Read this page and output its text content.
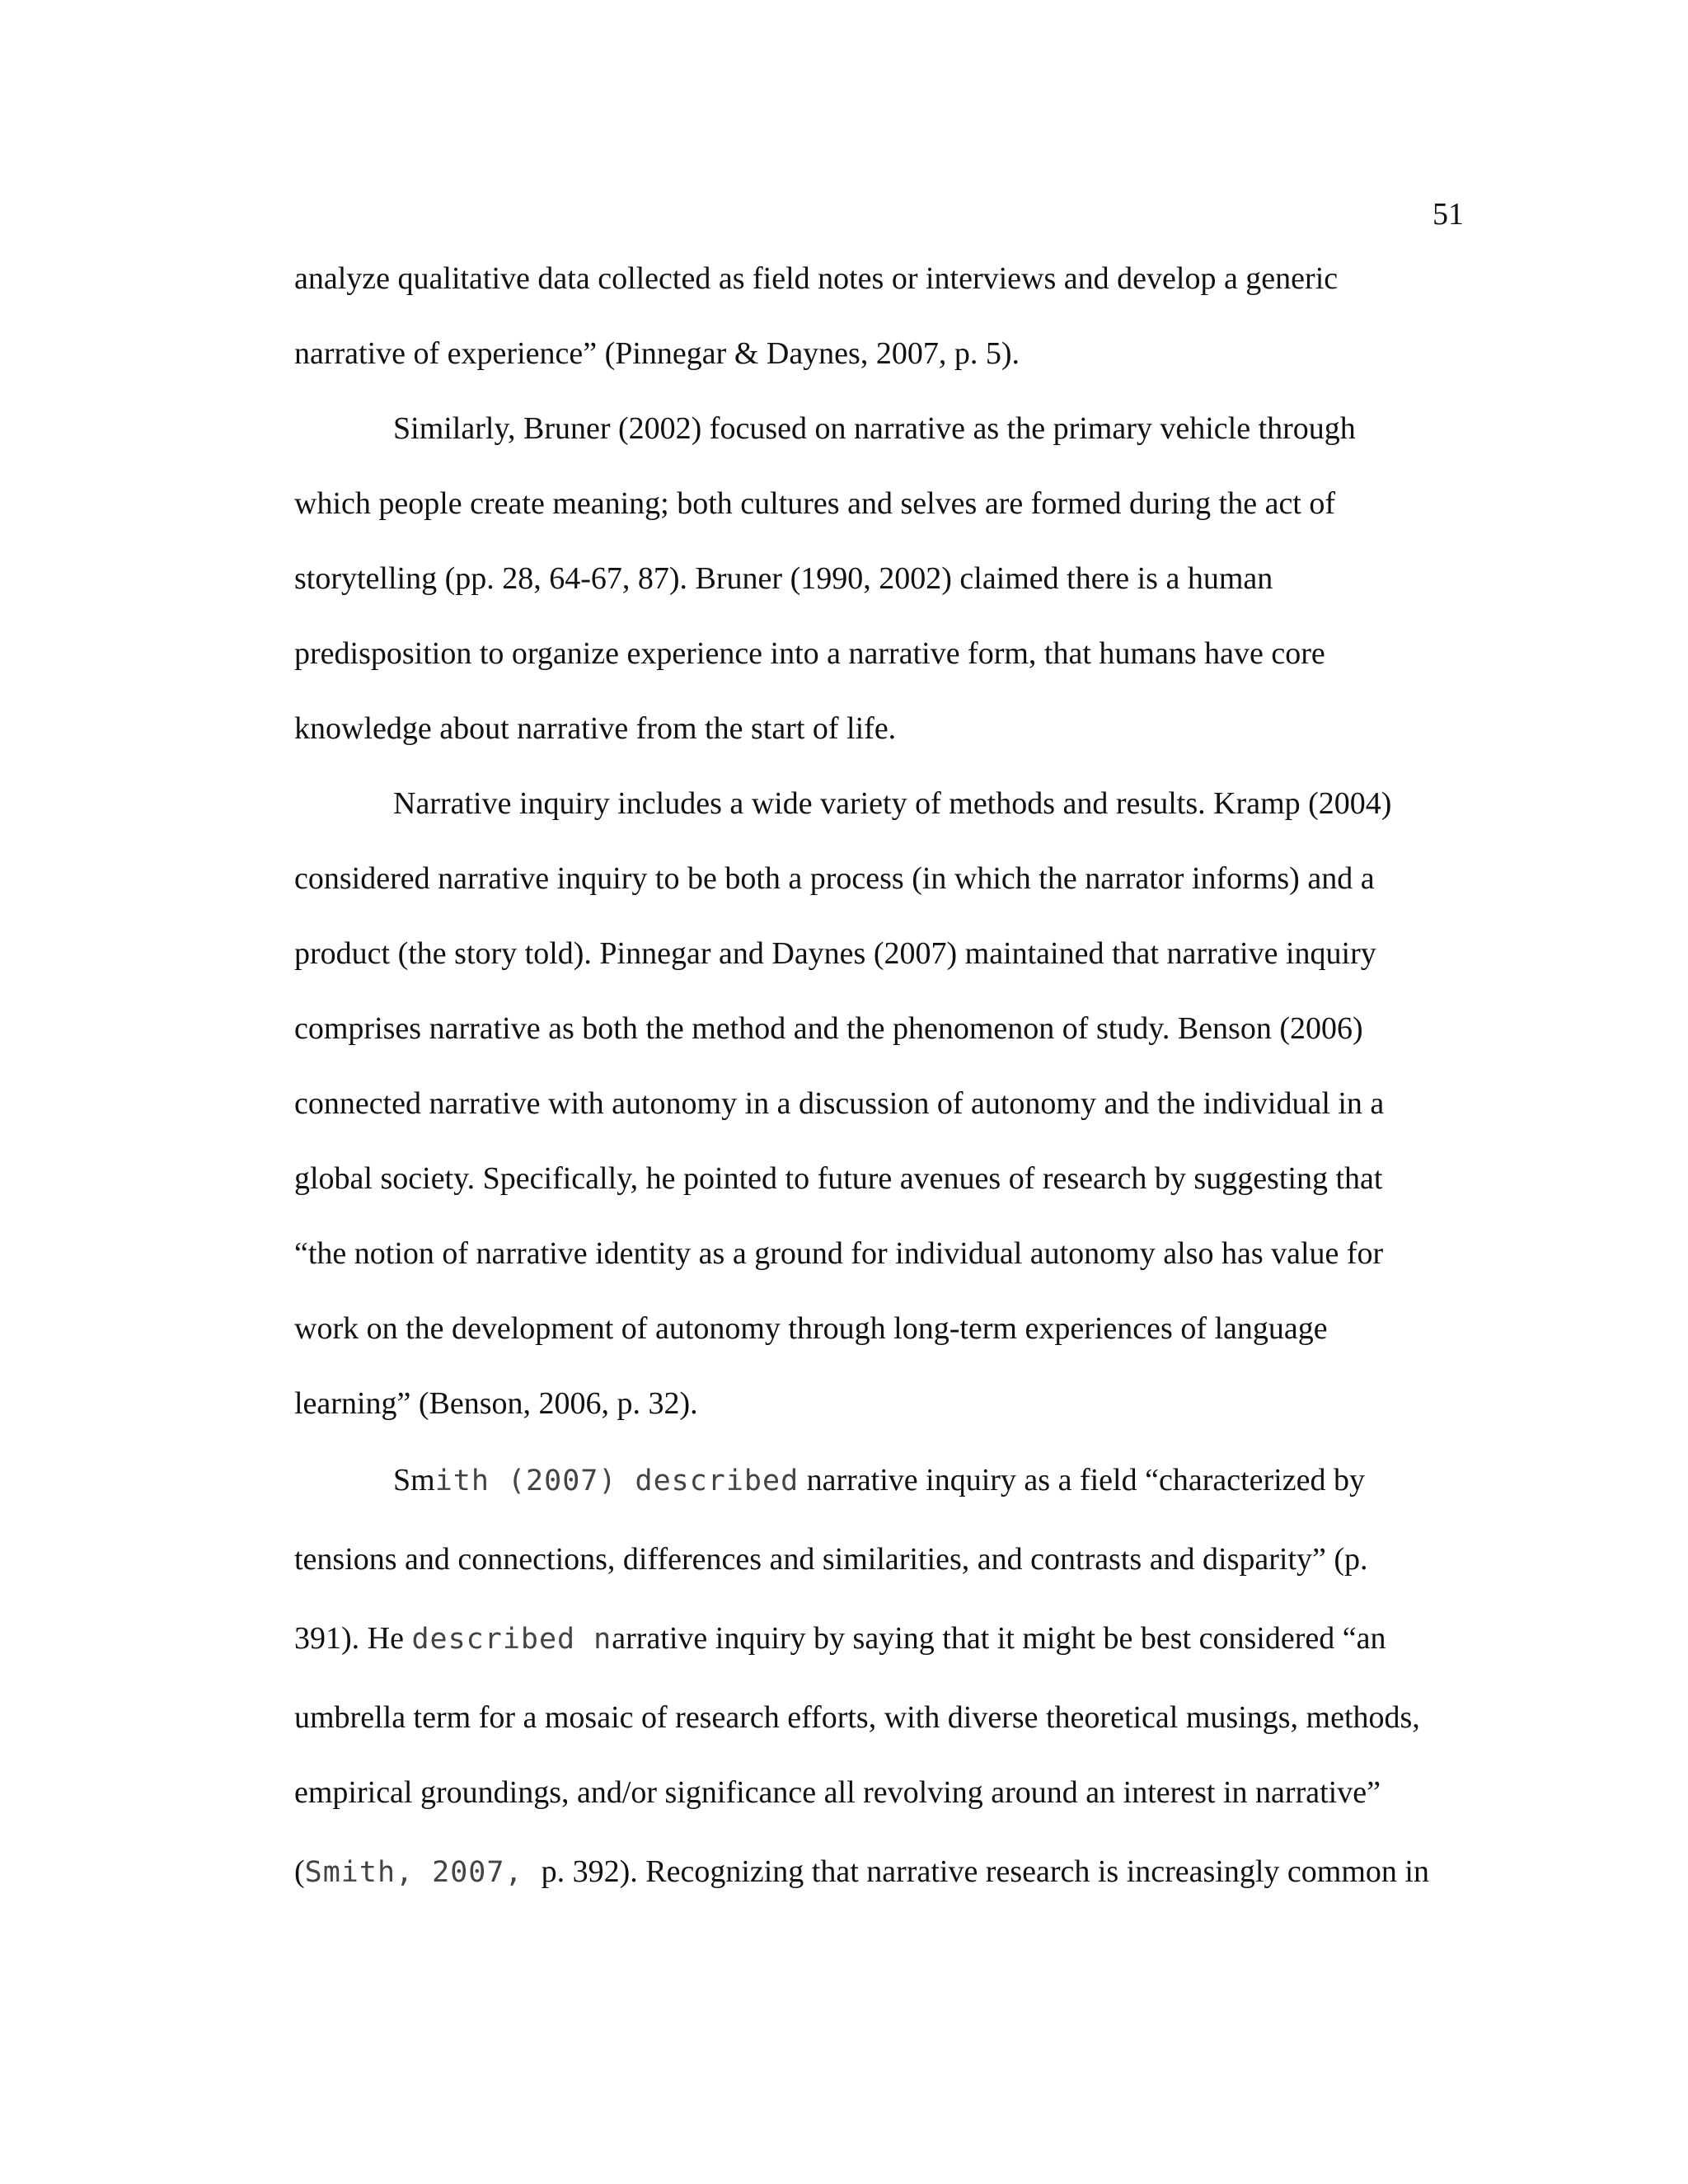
51
analyze qualitative data collected as field notes or interviews and develop a generic
narrative of experience” (Pinnegar & Daynes, 2007, p. 5).
Similarly, Bruner (2002) focused on narrative as the primary vehicle through
which people create meaning; both cultures and selves are formed during the act of
storytelling (pp. 28, 64-67, 87). Bruner (1990, 2002) claimed there is a human
predisposition to organize experience into a narrative form, that humans have core
knowledge about narrative from the start of life.
Narrative inquiry includes a wide variety of methods and results. Kramp (2004)
considered narrative inquiry to be both a process (in which the narrator informs) and a
product (the story told). Pinnegar and Daynes (2007) maintained that narrative inquiry
comprises narrative as both the method and the phenomenon of study. Benson (2006)
connected narrative with autonomy in a discussion of autonomy and the individual in a
global society. Specifically, he pointed to future avenues of research by suggesting that
“the notion of narrative identity as a ground for individual autonomy also has value for
work on the development of autonomy through long-term experiences of language
learning” (Benson, 2006, p. 32).
Smith (2007) described narrative inquiry as a field “characterized by
tensions and connections, differences and similarities, and contrasts and disparity” (p.
391). He described narrative inquiry by saying that it might be best considered “an
umbrella term for a mosaic of research efforts, with diverse theoretical musings, methods,
empirical groundings, and/or significance all revolving around an interest in narrative”
(Smith, 2007, p. 392). Recognizing that narrative research is increasingly common in
